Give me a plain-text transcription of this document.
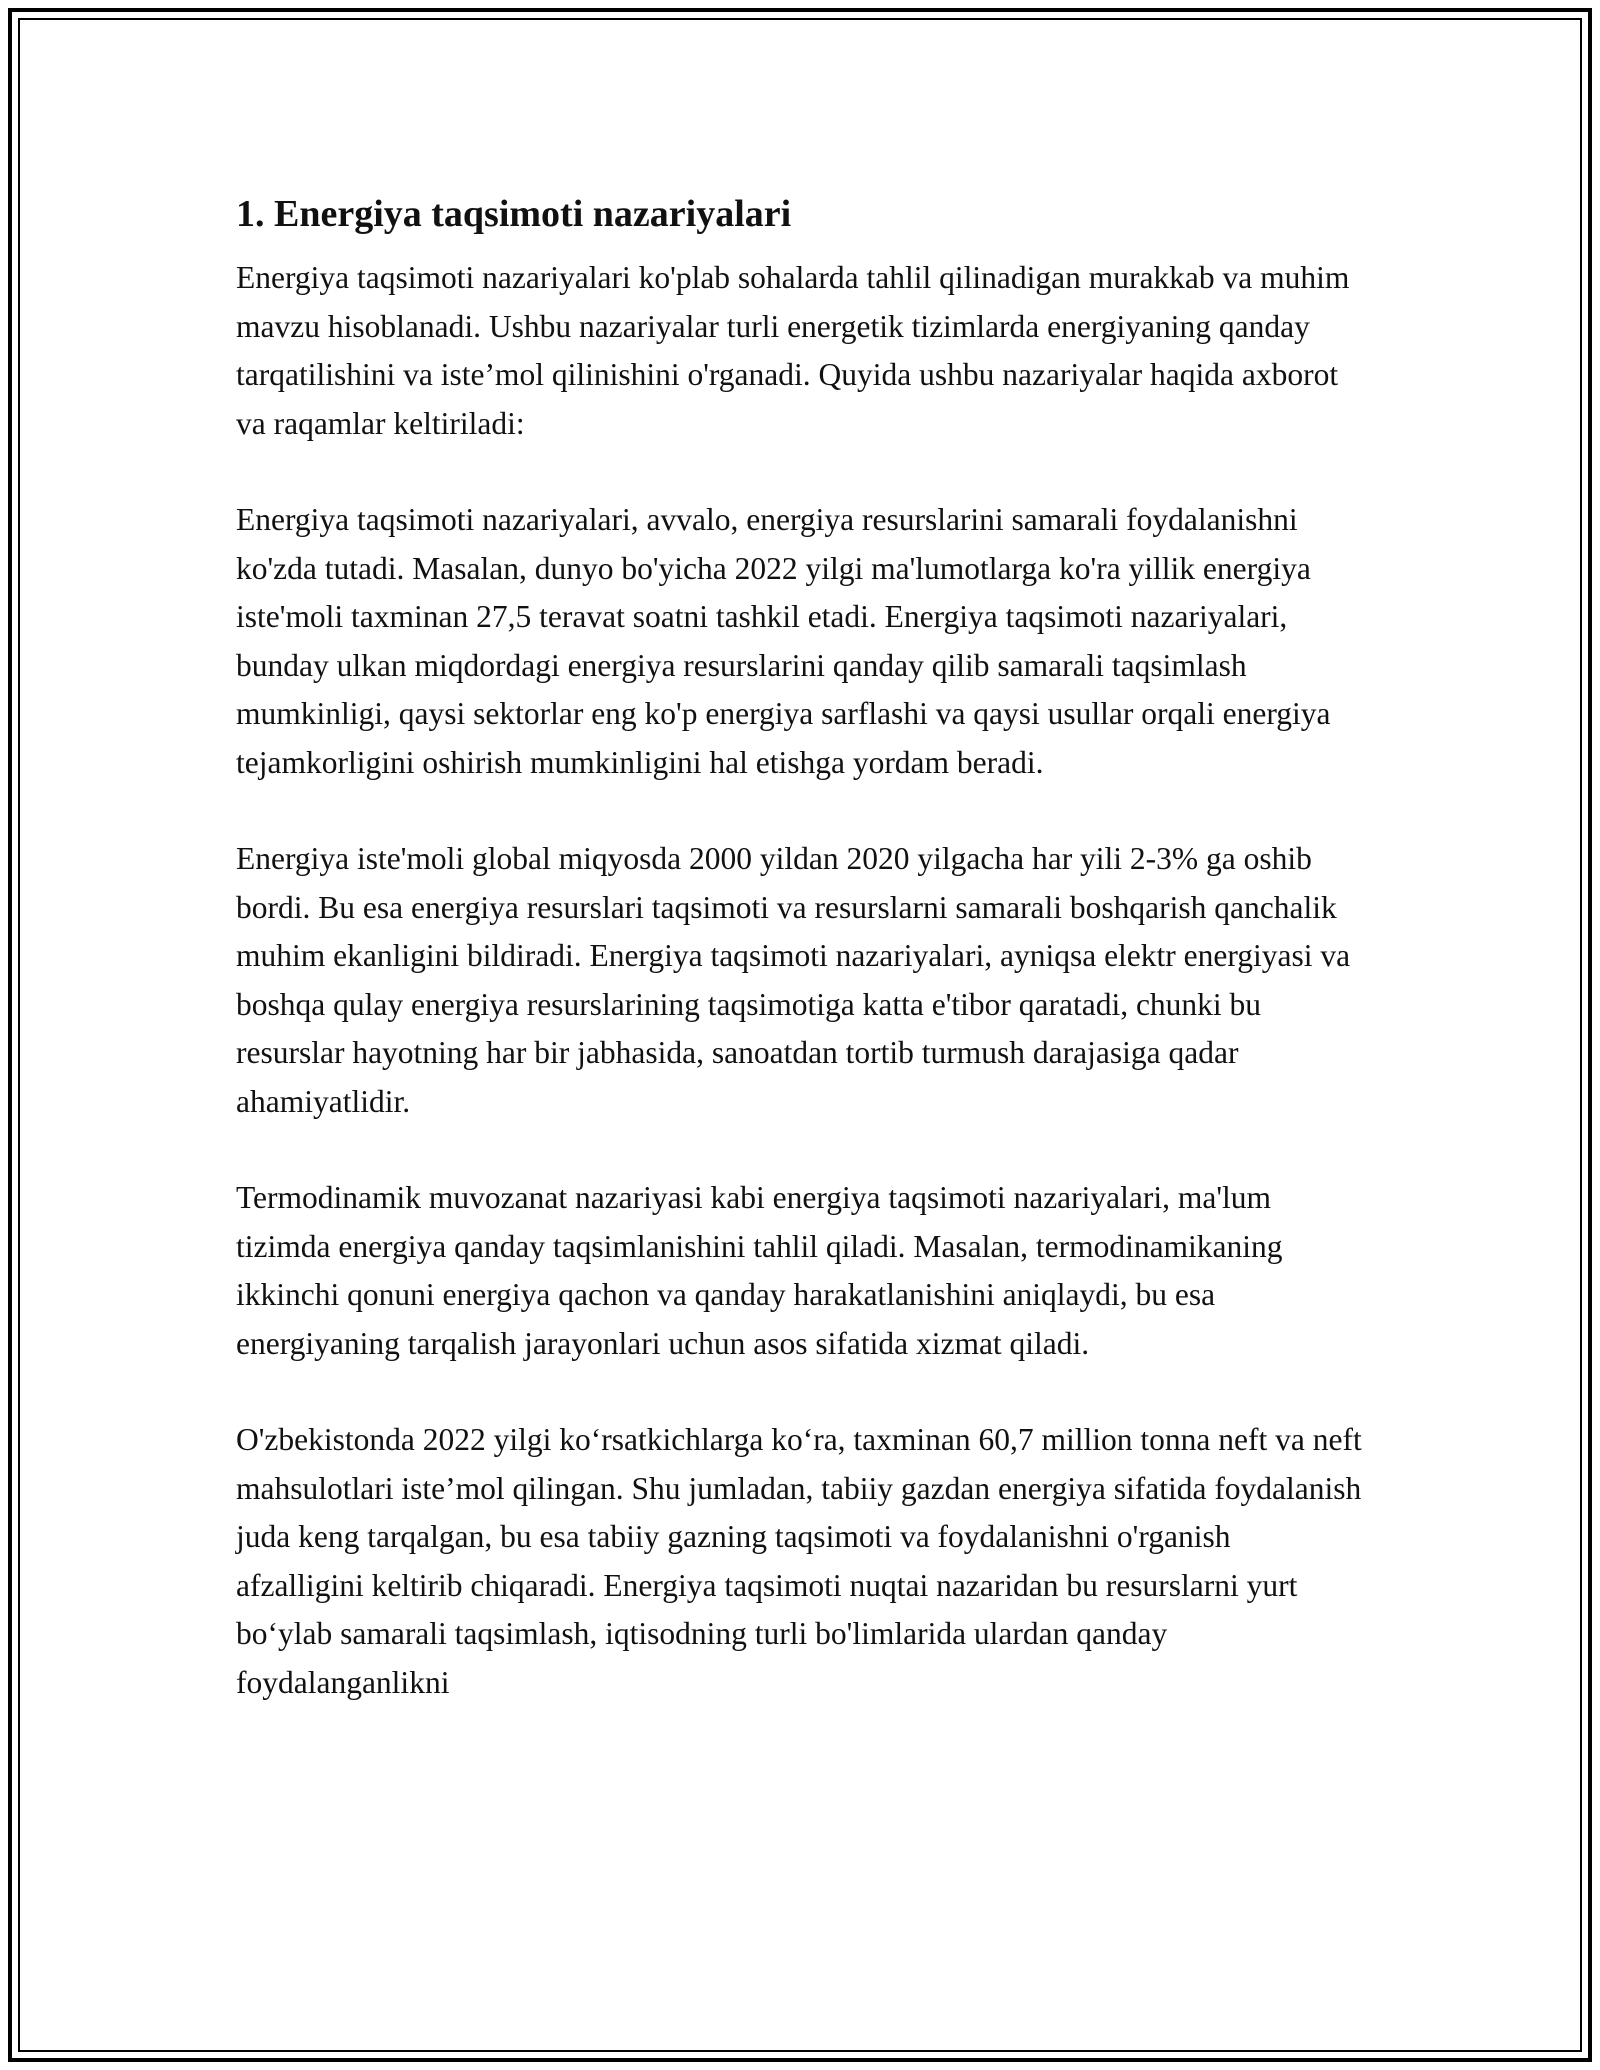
1. Energiya taqsimoti nazariyalari

Energiya taqsimoti nazariyalari ko'plab sohalarda tahlil qilinadigan murakkab va muhim mavzu hisoblanadi. Ushbu nazariyalar turli energetik tizimlarda energiyaning qanday tarqatilishini va iste’mol qilinishini o'rganadi. Quyida ushbu nazariyalar haqida axborot va raqamlar keltiriladi:

Energiya taqsimoti nazariyalari, avvalo, energiya resurslarini samarali foydalanishni ko'zda tutadi. Masalan, dunyo bo'yicha 2022 yilgi ma'lumotlarga ko'ra yillik energiya iste'moli taxminan 27,5 teravat soatni tashkil etadi. Energiya taqsimoti nazariyalari, bunday ulkan miqdordagi energiya resurslarini qanday qilib samarali taqsimlash mumkinligi, qaysi sektorlar eng ko'p energiya sarflashi va qaysi usullar orqali energiya tejamkorligini oshirish mumkinligini hal etishga yordam beradi.

Energiya iste'moli global miqyosda 2000 yildan 2020 yilgacha har yili 2-3% ga oshib bordi. Bu esa energiya resurslari taqsimoti va resurslarni samarali boshqarish qanchalik muhim ekanligini bildiradi. Energiya taqsimoti nazariyalari, ayniqsa elektr energiyasi va boshqa qulay energiya resurslarining taqsimotiga katta e'tibor qaratadi, chunki bu resurslar hayotning har bir jabhasida, sanoatdan tortib turmush darajasiga qadar ahamiyatlidir.

Termodinamik muvozanat nazariyasi kabi energiya taqsimoti nazariyalari, ma'lum tizimda energiya qanday taqsimlanishini tahlil qiladi. Masalan, termodinamikaning ikkinchi qonuni energiya qachon va qanday harakatlanishini aniqlaydi, bu esa energiyaning tarqalish jarayonlari uchun asos sifatida xizmat qiladi.

O'zbekistonda 2022 yilgi ko‘rsatkichlarga ko‘ra, taxminan 60,7 million tonna neft va neft mahsulotlari iste’mol qilingan. Shu jumladan, tabiiy gazdan energiya sifatida foydalanish juda keng tarqalgan, bu esa tabiiy gazning taqsimoti va foydalanishni o'rganish afzalligini keltirib chiqaradi. Energiya taqsimoti nuqtai nazaridan bu resurslarni yurt bo‘ylab samarali taqsimlash, iqtisodning turli bo'limlarida ulardan qanday foydalanganlikni
